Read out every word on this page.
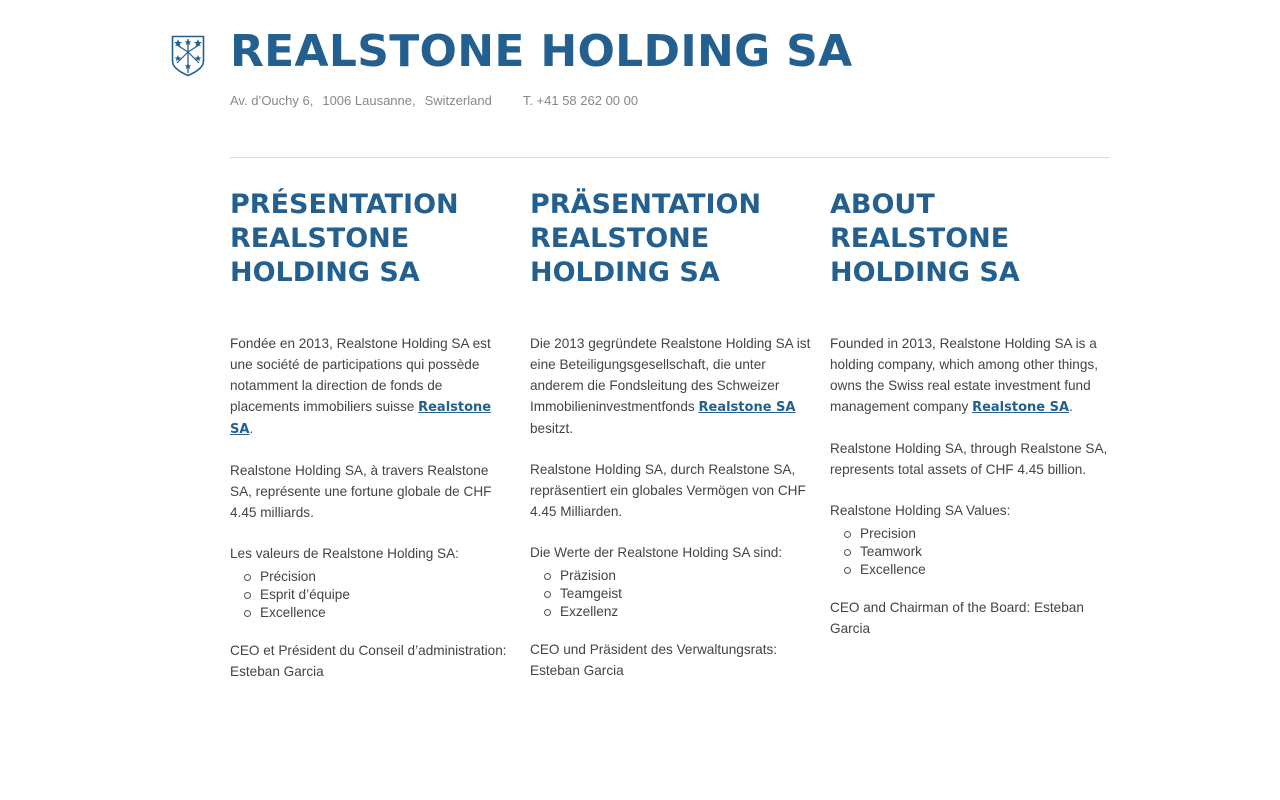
REALSTONE HOLDING SA
Av. d’Ouchy 6, 1006 Lausanne, Switzerland T. +41 58 262 00 00
PRÉSENTATION REALSTONE HOLDING SA

Fondée en 2013, Realstone Holding SA est une société de participations qui possède notamment la direction de fonds de placements immobiliers suisse Realstone SA.

Realstone Holding SA, à travers Realstone SA, représente une fortune globale de CHF 4.45 milliards.

Les valeurs de Realstone Holding SA:

Précision
Esprit d’équipe
Excellence

CEO et Président du Conseil d’administration:
Esteban Garcia

PRÄSENTATION REALSTONE HOLDING SA

Die 2013 gegründete Realstone Holding SA ist eine Beteiligungsgesellschaft, die unter anderem die Fondsleitung des Schweizer Immobilieninvestmentfonds Realstone SA besitzt.

Realstone Holding SA, durch Realstone SA, repräsentiert ein globales Vermögen von CHF 4.45 Milliarden.

Die Werte der Realstone Holding SA sind:

Präzision
Teamgeist
Exzellenz

CEO und Präsident des Verwaltungsrats:
Esteban Garcia

ABOUT REALSTONE HOLDING SA

Founded in 2013, Realstone Holding SA is a holding company, which among other things, owns the Swiss real estate investment fund management company Realstone SA.

Realstone Holding SA, through Realstone SA, represents total assets of CHF 4.45 billion.

Realstone Holding SA Values:

Precision
Teamwork
Excellence

CEO and Chairman of the Board: Esteban Garcia
